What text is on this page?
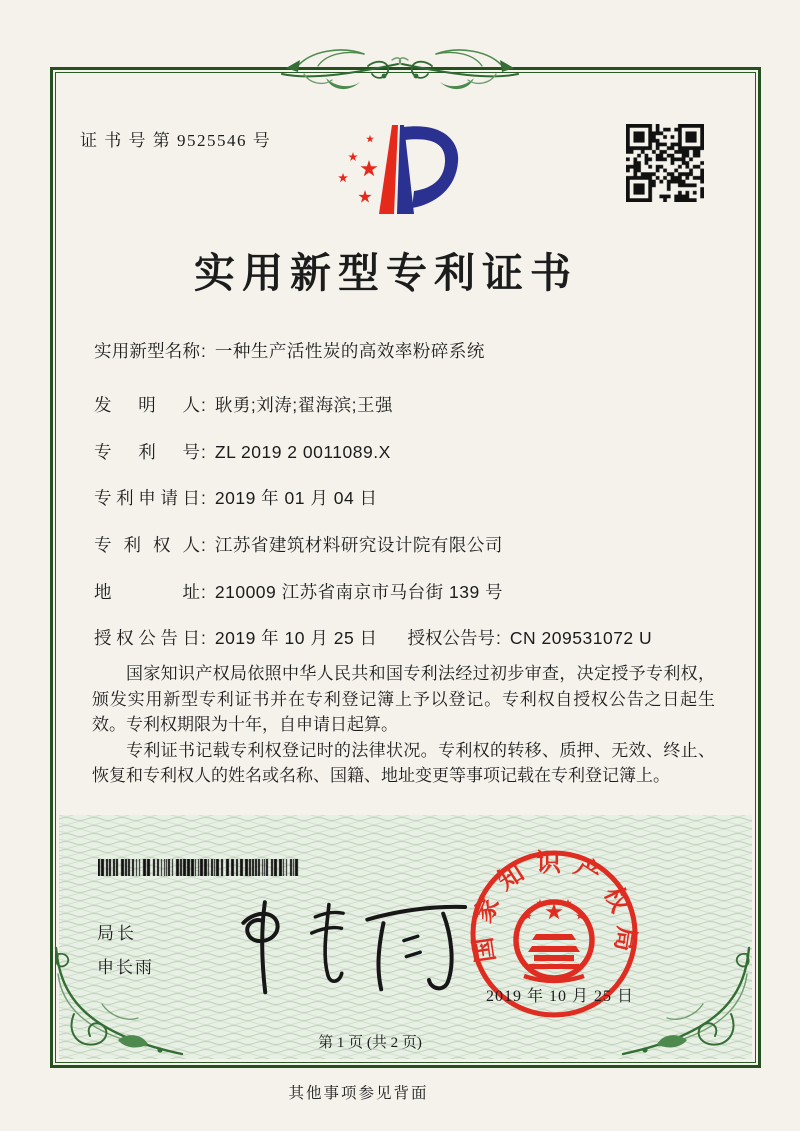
证 书 号 第 9525546 号
实用新型专利证书
实用新型名称: 一种生产活性炭的高效率粉碎系统
发明人: 耿勇;刘涛;翟海滨;王强
专利号: ZL 2019 2 0011089.X
专利申请日: 2019 年 01 月 04 日
专利权人: 江苏省建筑材料研究设计院有限公司
地址: 210009 江苏省南京市马台街 139 号
授权公告日: 2019 年 10 月 25 日 授权公告号: CN 209531072 U

国家知识产权局依照中华人民共和国专利法经过初步审查，决定授予专利权，颁发实用新型专利证书并在专利登记簿上予以登记。专利权自授权公告之日起生效。专利权期限为十年，自申请日起算。

专利证书记载专利权登记时的法律状况。专利权的转移、质押、无效、终止、恢复和专利权人的姓名或名称、国籍、地址变更等事项记载在专利登记簿上。

局长
申长雨
国家知识产权局
2019 年 10 月 25 日
第 1 页 (共 2 页)
其他事项参见背面
